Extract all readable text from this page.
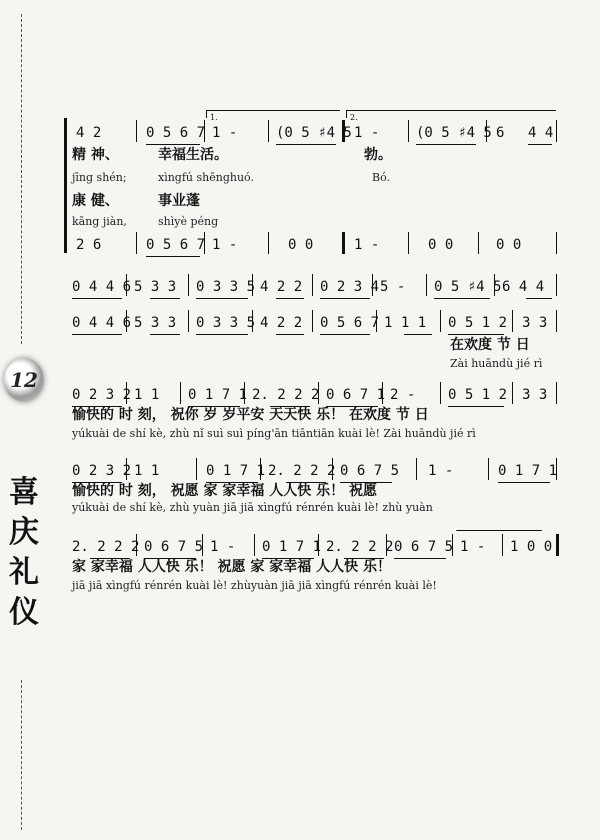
12
喜
庆
礼
仪
1.	2.
4 2	0 5 6 7 1 -	(0 5 ♯4 5 1 -	(0 5 ♯4 5 6 4 4
精 神、	幸福生活。	勃。
jīng shén;	xìngfú shēnghuó.	Bó.
康 健、	事业蓬
kāng jiàn,	shìyè péng
2 6	0 5 6 7 1 -	0 0	1 -	0 0	0 0
0 4 4 6 5 3 3 0 3 3 5 4 2 2 0 2 3 4 5 - 0 5 ♯4 5 6 4 4
0 4 4 6 5 3 3 0 3 3 5 4 2 2 0 5 6 7 1 1 1 0 5 1 2 3 3
在欢度 节 日
Zài huāndù jié rì
0 2 3 2 1 1 0 1 7 1 2. 2 2 2 0 6 7 1 2 - 0 5 1 2 3 3
愉快的 时 刻， 祝你 岁 岁平安 天天快 乐！ 在欢度 节 日
yúkuài de shí kè, zhù nǐ suì suì píng'ān tiāntiān kuài lè! Zài huāndù jié rì
0 2 3 2 1 1	0 1 7 1 2. 2 2 2 0 6 7 5 1 -	0 1 7 1
愉快的 时 刻， 祝愿 家 家幸福 人人快 乐！ 祝愿
yúkuài de shí kè, zhù yuàn jiā jiā xìngfú rénrén kuài lè! zhù yuàn
2. 2 2 2 0 6 7 5 1 - 0 1 7 1 2. 2 2 2 0 6 7 5 1 - 1 0 0
家 家幸福 人人快 乐！ 祝愿 家 家幸福 人人快 乐！
jiā jiā xìngfú rénrén kuài lè! zhùyuàn jiā jiā xìngfú rénrén kuài lè!
